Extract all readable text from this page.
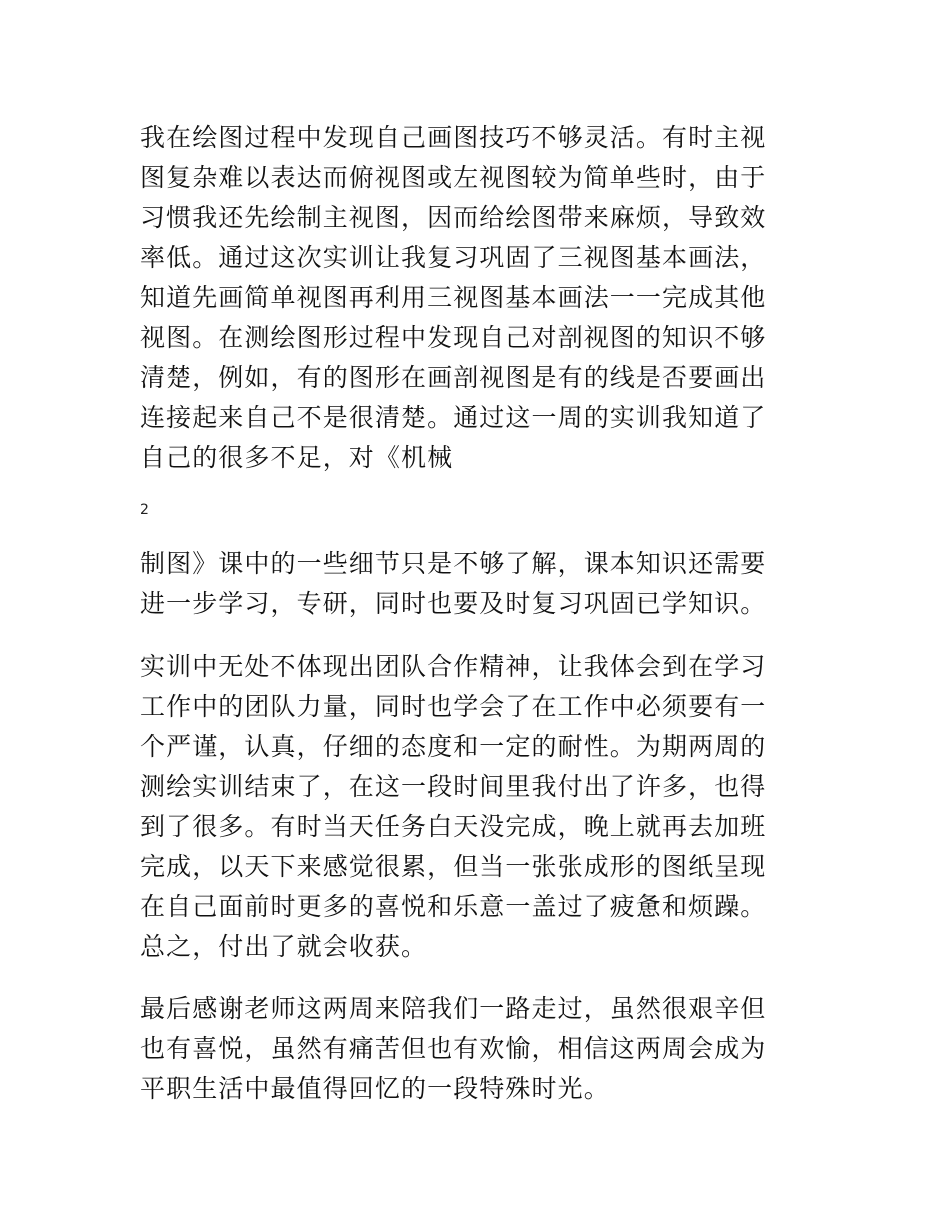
我在绘图过程中发现自己画图技巧不够灵活。有时主视
图复杂难以表达而俯视图或左视图较为简单些时，由于
习惯我还先绘制主视图，因而给绘图带来麻烦，导致效
率低。通过这次实训让我复习巩固了三视图基本画法，
知道先画简单视图再利用三视图基本画法一一完成其他
视图。在测绘图形过程中发现自己对剖视图的知识不够
清楚，例如，有的图形在画剖视图是有的线是否要画出
连接起来自己不是很清楚。通过这一周的实训我知道了
自己的很多不足，对《机械
2
制图》课中的一些细节只是不够了解，课本知识还需要
进一步学习，专研，同时也要及时复习巩固已学知识。
实训中无处不体现出团队合作精神，让我体会到在学习
工作中的团队力量，同时也学会了在工作中必须要有一
个严谨，认真，仔细的态度和一定的耐性。为期两周的
测绘实训结束了，在这一段时间里我付出了许多，也得
到了很多。有时当天任务白天没完成，晚上就再去加班
完成，以天下来感觉很累，但当一张张成形的图纸呈现
在自己面前时更多的喜悦和乐意一盖过了疲惫和烦躁。
总之，付出了就会收获。
最后感谢老师这两周来陪我们一路走过，虽然很艰辛但
也有喜悦，虽然有痛苦但也有欢愉，相信这两周会成为
平职生活中最值得回忆的一段特殊时光。
